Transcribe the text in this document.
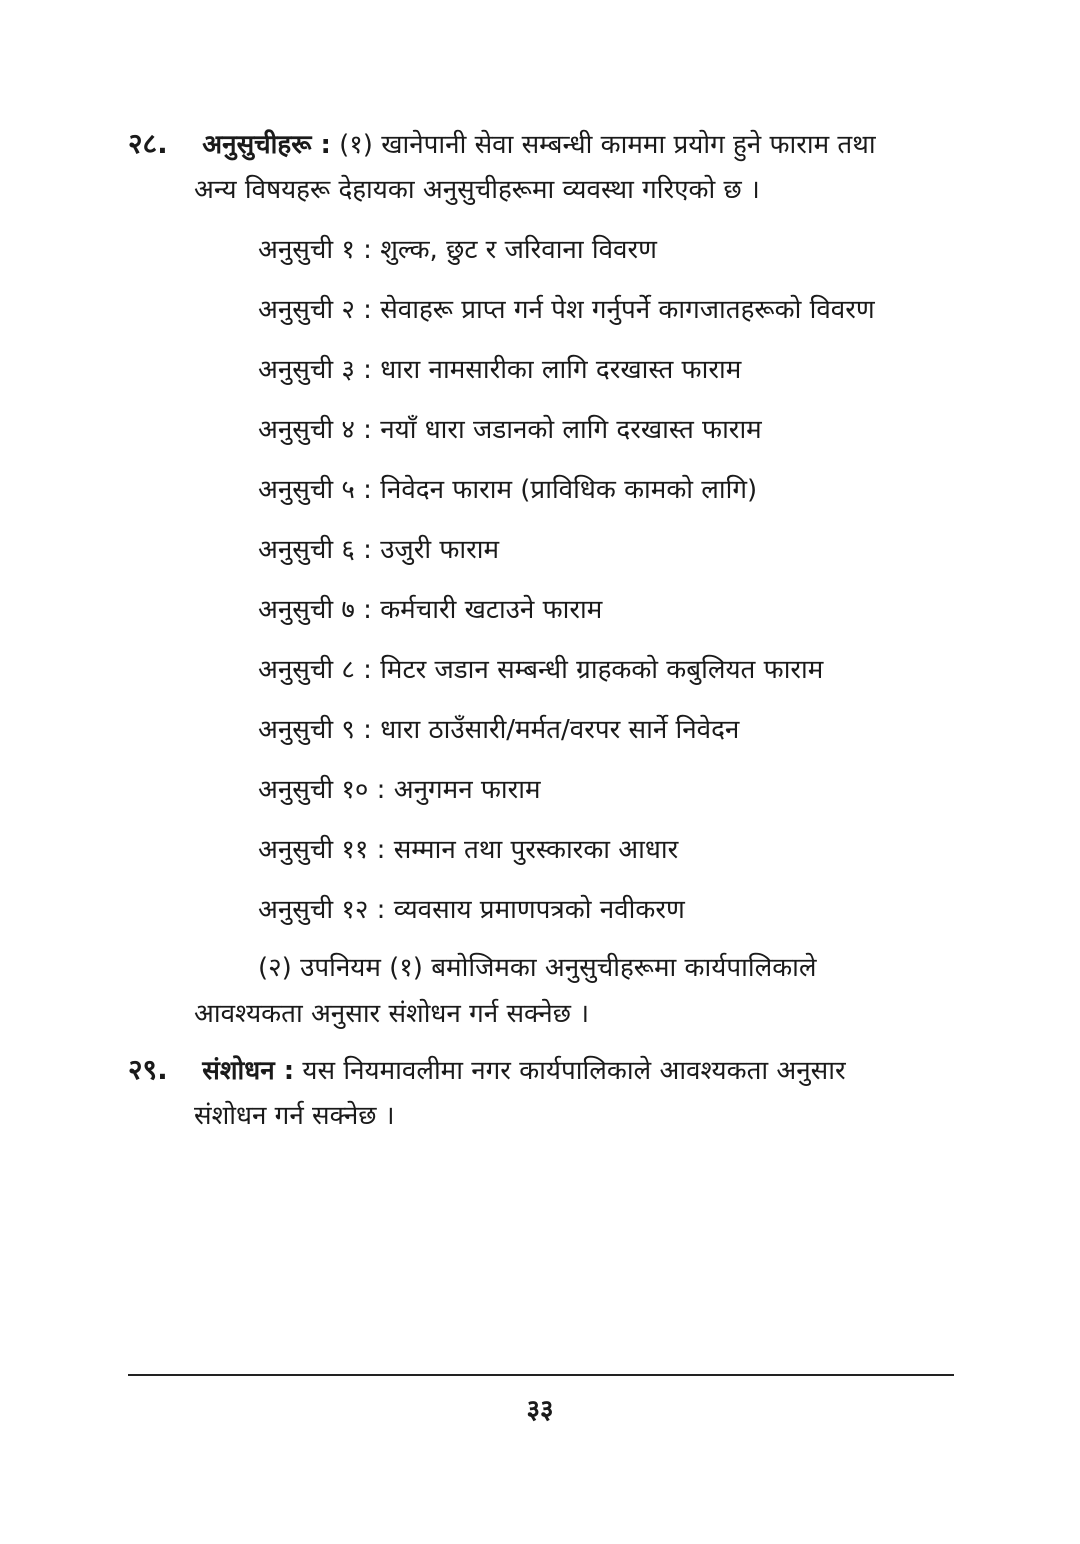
२८. अनुसुचीहरू : (१) खानेपानी सेवा सम्बन्धी काममा प्रयोग हुने फाराम तथा
अन्य विषयहरू देहायका अनुसुचीहरूमा व्यवस्था गरिएको छ ।
अनुसुची १ : शुल्क, छुट र जरिवाना विवरण
अनुसुची २ : सेवाहरू प्राप्त गर्न पेश गर्नुपर्ने कागजातहरूको विवरण
अनुसुची ३ : धारा नामसारीका लागि दरखास्त फाराम
अनुसुची ४ : नयाँ धारा जडानको लागि दरखास्त फाराम
अनुसुची ५ : निवेदन फाराम (प्राविधिक कामको लागि)
अनुसुची ६ : उजुरी फाराम
अनुसुची ७ : कर्मचारी खटाउने फाराम
अनुसुची ८ : मिटर जडान सम्बन्धी ग्राहकको कबुलियत फाराम
अनुसुची ९ : धारा ठाउँसारी/मर्मत/वरपर सार्ने निवेदन
अनुसुची १० : अनुगमन फाराम
अनुसुची ११ : सम्मान तथा पुरस्कारका आधार
अनुसुची १२ : व्यवसाय प्रमाणपत्रको नवीकरण
(२) उपनियम (१) बमोजिमका अनुसुचीहरूमा कार्यपालिकाले
आवश्यकता अनुसार संशोधन गर्न सक्नेछ ।
२९. संशोधन : यस नियमावलीमा नगर कार्यपालिकाले आवश्यकता अनुसार
संशोधन गर्न सक्नेछ ।
३३
